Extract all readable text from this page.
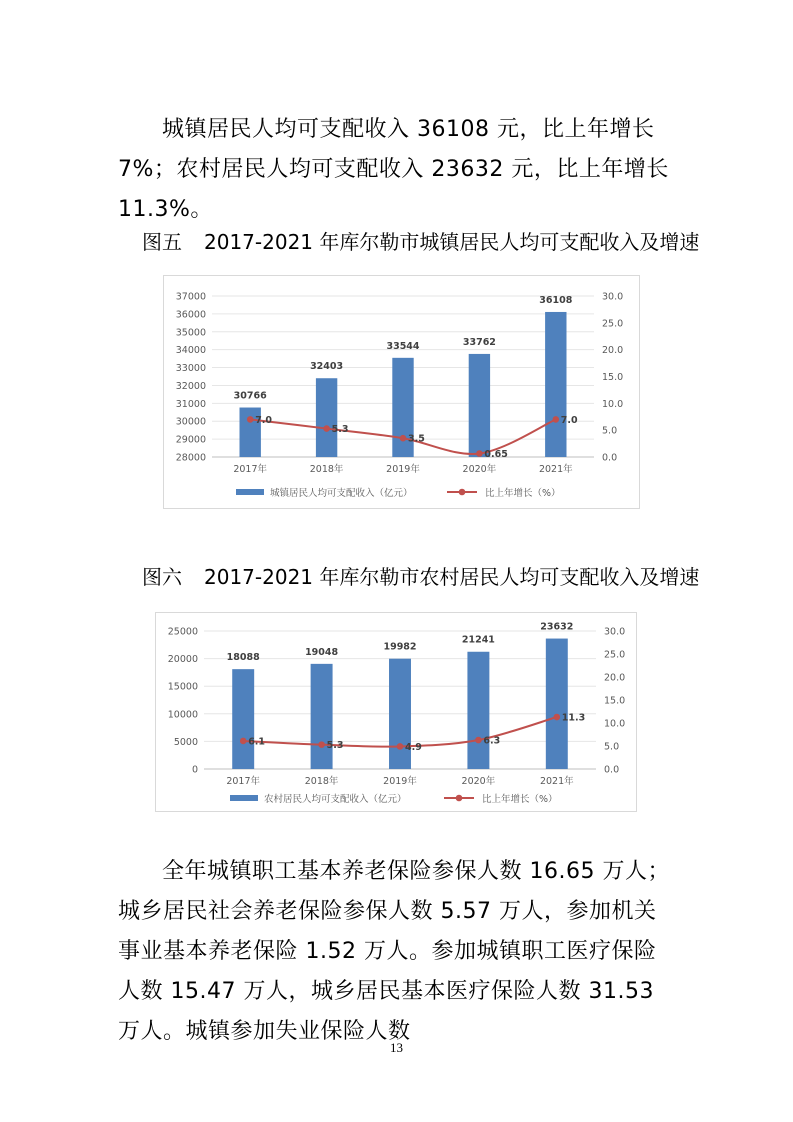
城镇居民人均可支配收入 36108 元，比上年增长 7%；农村居民人均可支配收入 23632 元，比上年增长 11.3%。

图五 2017-2021 年库尔勒市城镇居民人均可支配收入及增速
28000
29000
30000
31000
32000
33000
34000
35000
36000
37000
0.0
5.0
10.0
15.0
20.0
25.0
30.0
30766
2017年
32403
2018年
33544
2019年
33762
2020年
36108
2021年
7.0
5.3
3.5
0.65
7.0
城镇居民人均可支配收入（亿元）	比上年增长（%）
图六 2017-2021 年库尔勒市农村居民人均可支配收入及增速
0
5000
10000
15000
20000
25000
0.0
5.0
10.0
15.0
20.0
25.0
30.0
18088
2017年
19048
2018年
19982
2019年
21241
2020年
23632
2021年
6.1	5.3	4.9
6.3
11.3
农村居民人均可支配收入（亿元）	比上年增长（%）

全年城镇职工基本养老保险参保人数 16.65 万人；城乡居民社会养老保险参保人数 5.57 万人，参加机关事业基本养老保险 1.52 万人。参加城镇职工医疗保险人数 15.47 万人，城乡居民基本医疗保险人数 31.53 万人。城镇参加失业保险人数

13
